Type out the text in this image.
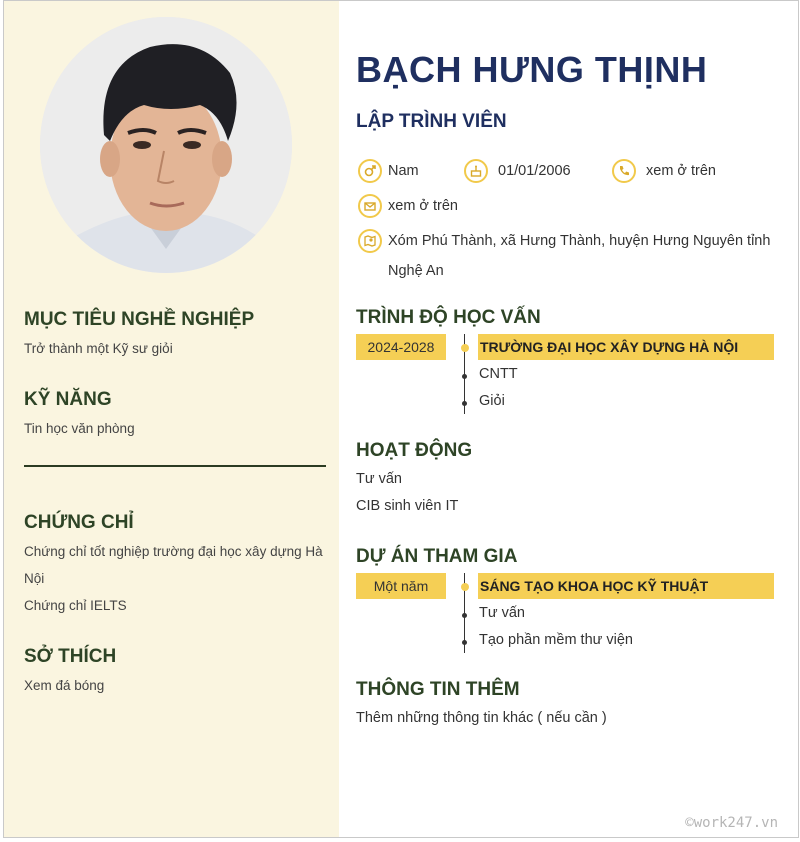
MỤC TIÊU NGHỀ NGHIỆP

Trở thành một Kỹ sư giỏi

KỸ NĂNG

Tin học văn phòng

CHỨNG CHỈ

Chứng chỉ tốt nghiệp trường đại học xây dựng Hà

Nội

Chứng chỉ IELTS

SỞ THÍCH

Xem đá bóng

BẠCH HƯNG THỊNH
LẬP TRÌNH VIÊN
Nam	01/01/2006	xem ở trên
xem ở trên
Xóm Phú Thành, xã Hưng Thành, huyện Hưng Nguyên tỉnh
Nghệ An
TRÌNH ĐỘ HỌC VẤN
2024-2028	TRƯỜNG ĐẠI HỌC XÂY DỰNG HÀ NỘI
CNTT
Giỏi
HOẠT ĐỘNG

Tư vấn

CIB sinh viên IT

DỰ ÁN THAM GIA
Một năm	SÁNG TẠO KHOA HỌC KỸ THUẬT
Tư vấn
Tạo phần mềm thư viện
THÔNG TIN THÊM

Thêm những thông tin khác ( nếu cần )

©work247.vn
